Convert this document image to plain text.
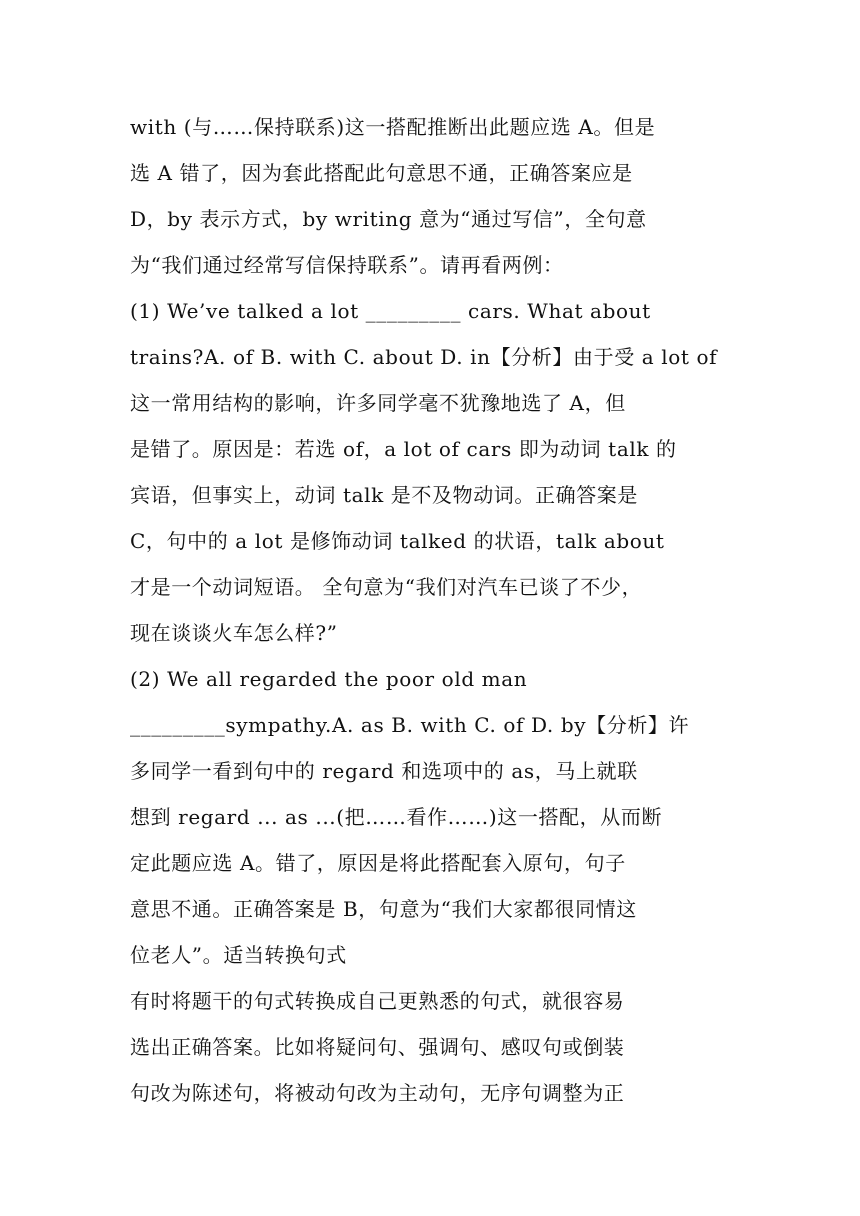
with (与……保持联系)这一搭配推断出此题应选 A。但是
选 A 错了，因为套此搭配此句意思不通，正确答案应是
D，by 表示方式，by writing 意为“通过写信”，全句意
为“我们通过经常写信保持联系”。请再看两例：
(1) We’ve talked a lot _________ cars. What about
trains?A. of B. with C. about D. in【分析】由于受 a lot of
这一常用结构的影响，许多同学毫不犹豫地选了 A，但
是错了。原因是：若选 of，a lot of cars 即为动词 talk 的
宾语，但事实上，动词 talk 是不及物动词。正确答案是
C，句中的 a lot 是修饰动词 talked 的状语，talk about
才是一个动词短语。 全句意为“我们对汽车已谈了不少，
现在谈谈火车怎么样?”
(2) We all regarded the poor old man
_________sympathy.A. as B. with C. of D. by【分析】许
多同学一看到句中的 regard 和选项中的 as，马上就联
想到 regard ... as ...(把……看作……)这一搭配，从而断
定此题应选 A。错了，原因是将此搭配套入原句，句子
意思不通。正确答案是 B，句意为“我们大家都很同情这
位老人”。适当转换句式
有时将题干的句式转换成自己更熟悉的句式，就很容易
选出正确答案。比如将疑问句、强调句、感叹句或倒装
句改为陈述句，将被动句改为主动句，无序句调整为正
